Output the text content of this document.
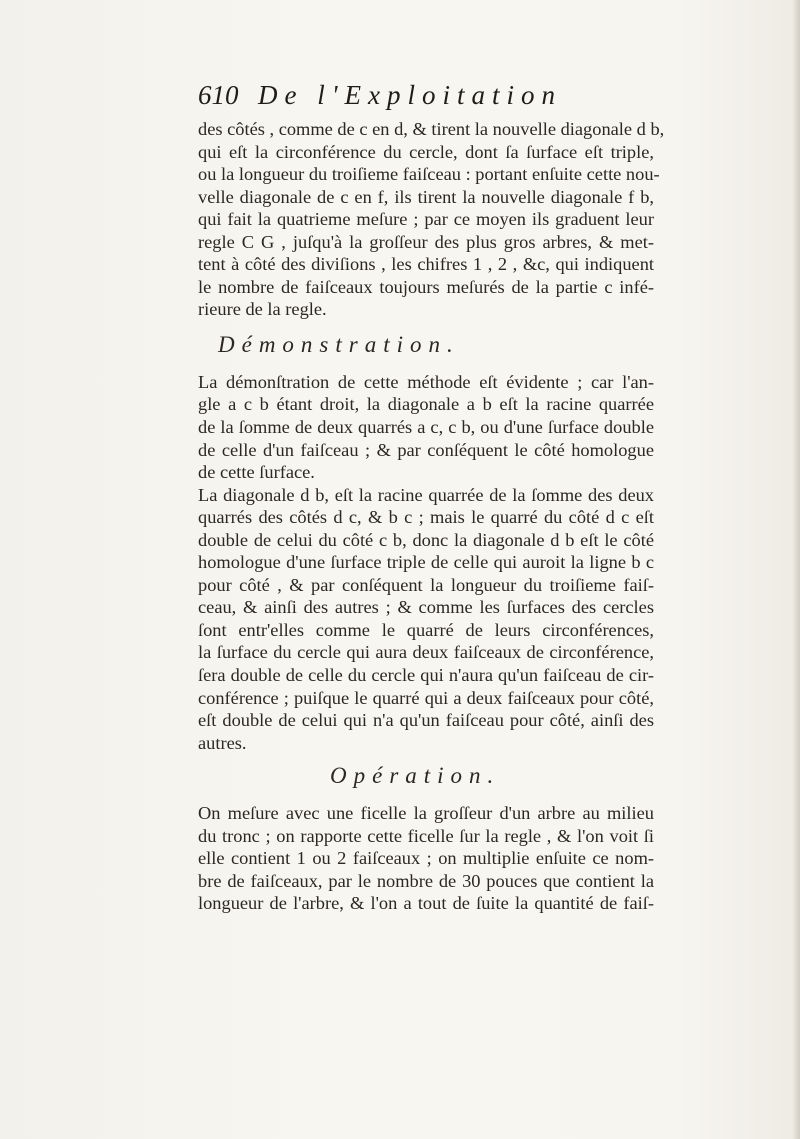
610 De l'Exploitation
des côtés , comme de c en d, & tirent la nouvelle diagonale d b,
qui eſt la circonférence du cercle, dont ſa ſurface eſt triple,
ou la longueur du troiſieme faiſceau : portant enſuite cette nou-
velle diagonale de c en f, ils tirent la nouvelle diagonale f b,
qui fait la quatrieme meſure ; par ce moyen ils graduent leur
regle C G , juſqu'à la groſſeur des plus gros arbres, & met-
tent à côté des diviſions , les chifres 1 , 2 , &c, qui indiquent
le nombre de faiſceaux toujours meſurés de la partie c infé-
rieure de la regle.
Démonstration.
La démonſtration de cette méthode eſt évidente ; car l'an-
gle a c b étant droit, la diagonale a b eſt la racine quarrée
de la ſomme de deux quarrés a c, c b, ou d'une ſurface double
de celle d'un faiſceau ; & par conſéquent le côté homologue
de cette ſurface.
La diagonale d b, eſt la racine quarrée de la ſomme des deux
quarrés des côtés d c, & b c ; mais le quarré du côté d c eſt
double de celui du côté c b, donc la diagonale d b eſt le côté
homologue d'une ſurface triple de celle qui auroit la ligne b c
pour côté , & par conſéquent la longueur du troiſieme faiſ-
ceau, & ainſi des autres ; & comme les ſurfaces des cercles
ſont entr'elles comme le quarré de leurs circonférences,
la ſurface du cercle qui aura deux faiſceaux de circonférence,
ſera double de celle du cercle qui n'aura qu'un faiſceau de cir-
conférence ; puiſque le quarré qui a deux faiſceaux pour côté,
eſt double de celui qui n'a qu'un faiſceau pour côté, ainſi des
autres.
Opération.
On meſure avec une ficelle la groſſeur d'un arbre au milieu
du tronc ; on rapporte cette ficelle ſur la regle , & l'on voit ſi
elle contient 1 ou 2 faiſceaux ; on multiplie enſuite ce nom-
bre de faiſceaux, par le nombre de 30 pouces que contient la
longueur de l'arbre, & l'on a tout de ſuite la quantité de faiſ-
